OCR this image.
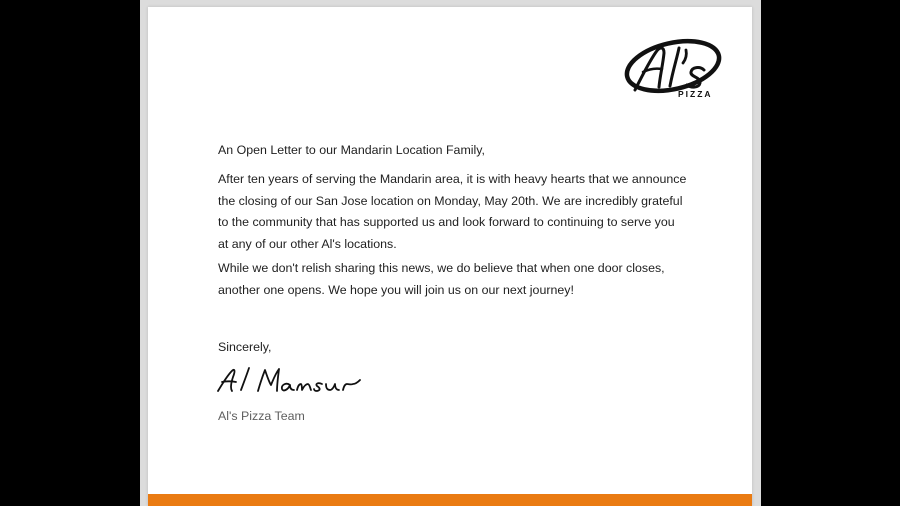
PIZZA

An Open Letter to our Mandarin Location Family,

After ten years of serving the Mandarin area, it is with heavy hearts that we announce the closing of our San Jose location on Monday, May 20th. We are incredibly grateful to the community that has supported us and look forward to continuing to serve you at any of our other Al's locations.

While we don't relish sharing this news, we do believe that when one door closes, another one opens. We hope you will join us on our next journey!

Sincerely,

Al's Pizza Team
